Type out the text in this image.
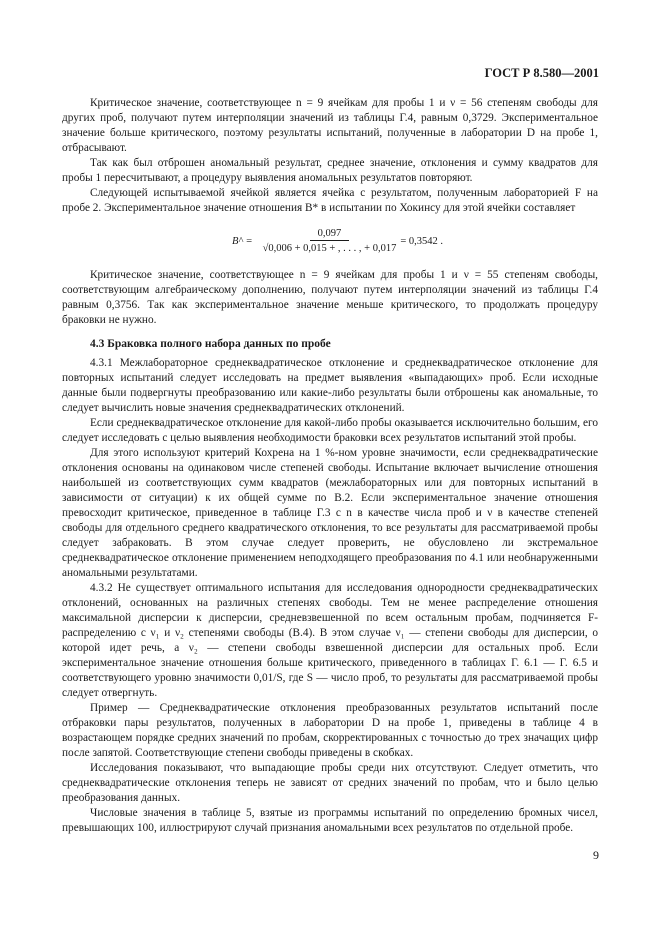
ГОСТ Р 8.580—2001

Критическое значение, соответствующее n = 9 ячейкам для пробы 1 и ν = 56 степеням свободы для других проб, получают путем интерполяции значений из таблицы Г.4, равным 0,3729. Экспериментальное значение больше критического, поэтому результаты испытаний, полученные в лаборатории D на пробе 1, отбрасывают.

Так как был отброшен аномальный результат, среднее значение, отклонения и сумму квадратов для пробы 1 пересчитывают, а процедуру выявления аномальных результатов повторяют.

Следующей испытываемой ячейкой является ячейка с результатом, полученным лабораторией F на пробе 2. Экспериментальное значение отношения B* в испытании по Хокинсу для этой ячейки составляет

B^ = $\frac{0,097}{√0,006 + 0,015 + , . . . , + 0,017} = 0,3542$ .

Критическое значение, соответствующее n = 9 ячейкам для пробы 1 и ν = 55 степеням свободы, соответствующим алгебраическому дополнению, получают путем интерполяции значений из таблицы Г.4 равным 0,3756. Так как экспериментальное значение меньше критического, то продолжать процедуру браковки не нужно.

4.3 Браковка полного набора данных по пробе

4.3.1 Межлабораторное среднеквадратическое отклонение и среднеквадратическое отклонение для повторных испытаний следует исследовать на предмет выявления «выпадающих» проб. Если исходные данные были подвергнуты преобразованию или какие-либо результаты были отброшены как аномальные, то следует вычислить новые значения среднеквадратических отклонений.

Если среднеквадратическое отклонение для какой-либо пробы оказывается исключительно большим, его следует исследовать с целью выявления необходимости браковки всех результатов испытаний этой пробы.

Для этого используют критерий Кохрена на 1 %-ном уровне значимости, если среднеквадратические отклонения основаны на одинаковом числе степеней свободы. Испытание включает вычисление отношения наибольшей из соответствующих сумм квадратов (межлабораторных или для повторных испытаний в зависимости от ситуации) к их общей сумме по В.2. Если экспериментальное значение отношения превосходит критическое, приведенное в таблице Г.3 с n в качестве числа проб и ν в качестве степеней свободы для отдельного среднего квадратического отклонения, то все результаты для рассматриваемой пробы следует забраковать. В этом случае следует проверить, не обусловлено ли экстремальное среднеквадратическое отклонение применением неподходящего преобразования по 4.1 или необнаруженными аномальными результатами.

4.3.2 Не существует оптимального испытания для исследования однородности среднеквадратических отклонений, основанных на различных степенях свободы. Тем не менее распределение отношения максимальной дисперсии к дисперсии, средневзвешенной по всем остальным пробам, подчиняется F-распределению с ν₁ и ν₂ степенями свободы (В.4). В этом случае ν₁ — степени свободы для дисперсии, о которой идет речь, а ν₂ — степени свободы взвешенной дисперсии для остальных проб. Если экспериментальное значение отношения больше критического, приведенного в таблицах Г. 6.1 — Г. 6.5 и соответствующего уровню значимости 0,01/S, где S — число проб, то результаты для рассматриваемой пробы следует отвергнуть.

Пример — Среднеквадратические отклонения преобразованных результатов испытаний после отбраковки пары результатов, полученных в лаборатории D на пробе 1, приведены в таблице 4 в возрастающем порядке средних значений по пробам, скорректированных с точностью до трех значащих цифр после запятой. Соответствующие степени свободы приведены в скобках.

Исследования показывают, что выпадающие пробы среди них отсутствуют. Следует отметить, что среднеквадратические отклонения теперь не зависят от средних значений по пробам, что и было целью преобразования данных.

Числовые значения в таблице 5, взятые из программы испытаний по определению бромных чисел, превышающих 100, иллюстрируют случай признания аномальными всех результатов по отдельной пробе.

9
